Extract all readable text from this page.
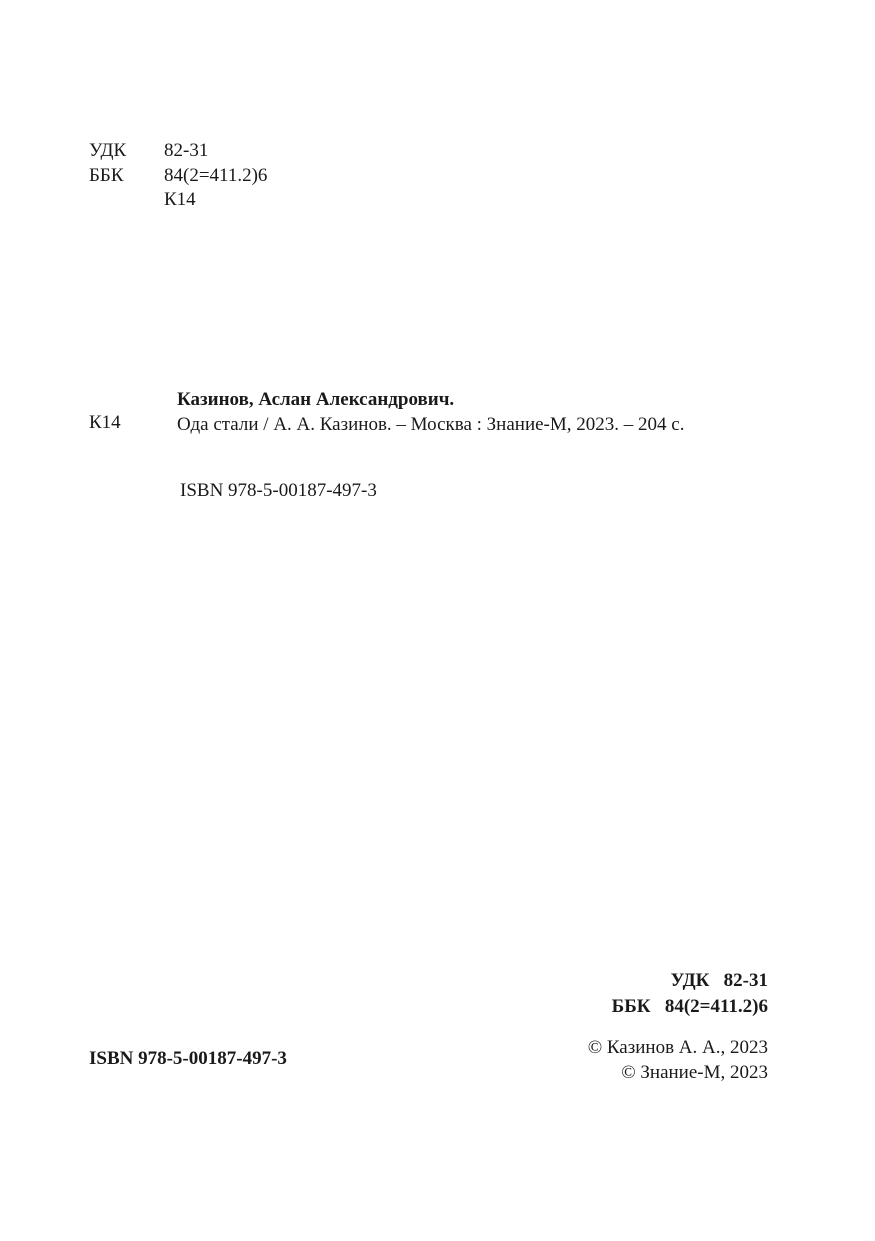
УДК 82-31
ББК 84(2=411.2)6
К14
Казинов, Аслан Александрович.
К14	Ода стали / А. А. Казинов. – Москва : Знание-М, 2023. – 204 с.
ISBN 978-5-00187-497-3
УДК 82-31
ББК 84(2=411.2)6
ISBN 978-5-00187-497-3
© Казинов А. А., 2023
© Знание-М, 2023
